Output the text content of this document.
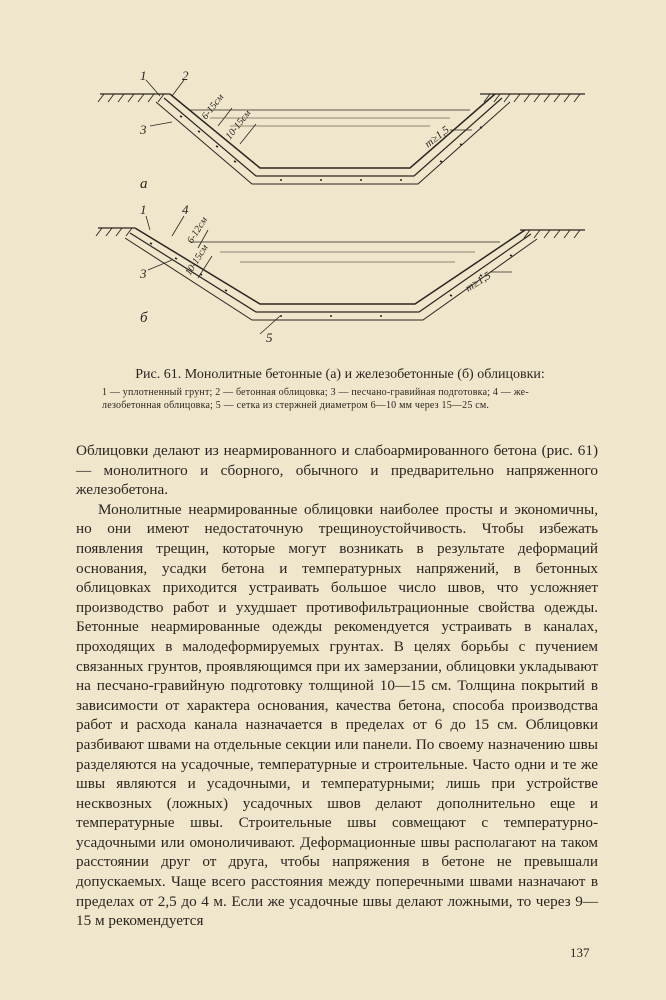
1	2
3
а
6-15см
10-15см	m≥1,5
1	4
3
5
б
6-12см
10-15см
m≥1,5
Рис. 61. Монолитные бетонные (а) и железобетонные (б) облицовки:
1 — уплотненный грунт; 2 — бетонная облицовка; 3 — песчано-гравийная подготовка; 4 — же-
лезобетонная облицовка; 5 — сетка из стержней диаметром 6—10 мм через 15—25 см.

Облицовки делают из неармированного и слабоармированного бетона (рис. 61) — монолитного и сборного, обычного и предварительно напряженного железобетона.

Монолитные неармированные облицовки наиболее просты и экономичны, но они имеют недостаточную трещиноустойчивость. Чтобы избежать появления трещин, которые могут возникать в результате деформаций основания, усадки бетона и температурных напряжений, в бетонных облицовках приходится устраивать большое число швов, что усложняет производство работ и ухудшает противофильтрационные свойства одежды. Бетонные неармированные одежды рекомендуется устраивать в каналах, проходящих в малодеформируемых грунтах. В целях борьбы с пучением связанных грунтов, проявляющимся при их замерзании, облицовки укладывают на песчано-гравийную подготовку толщиной 10—15 см. Толщина покрытий в зависимости от характера основания, качества бетона, способа производства работ и расхода канала назначается в пределах от 6 до 15 см. Облицовки разбивают швами на отдельные секции или панели. По своему назначению швы разделяются на усадочные, температурные и строительные. Часто одни и те же швы являются и усадочными, и температурными; лишь при устройстве несквозных (ложных) усадочных швов делают дополнительно еще и температурные швы. Строительные швы совмещают с температурно-усадочными или омоноличивают. Деформационные швы располагают на таком расстоянии друг от друга, чтобы напряжения в бетоне не превышали допускаемых. Чаще всего расстояния между поперечными швами назначают в пределах от 2,5 до 4 м. Если же усадочные швы делают ложными, то через 9—15 м рекомендуется

137
